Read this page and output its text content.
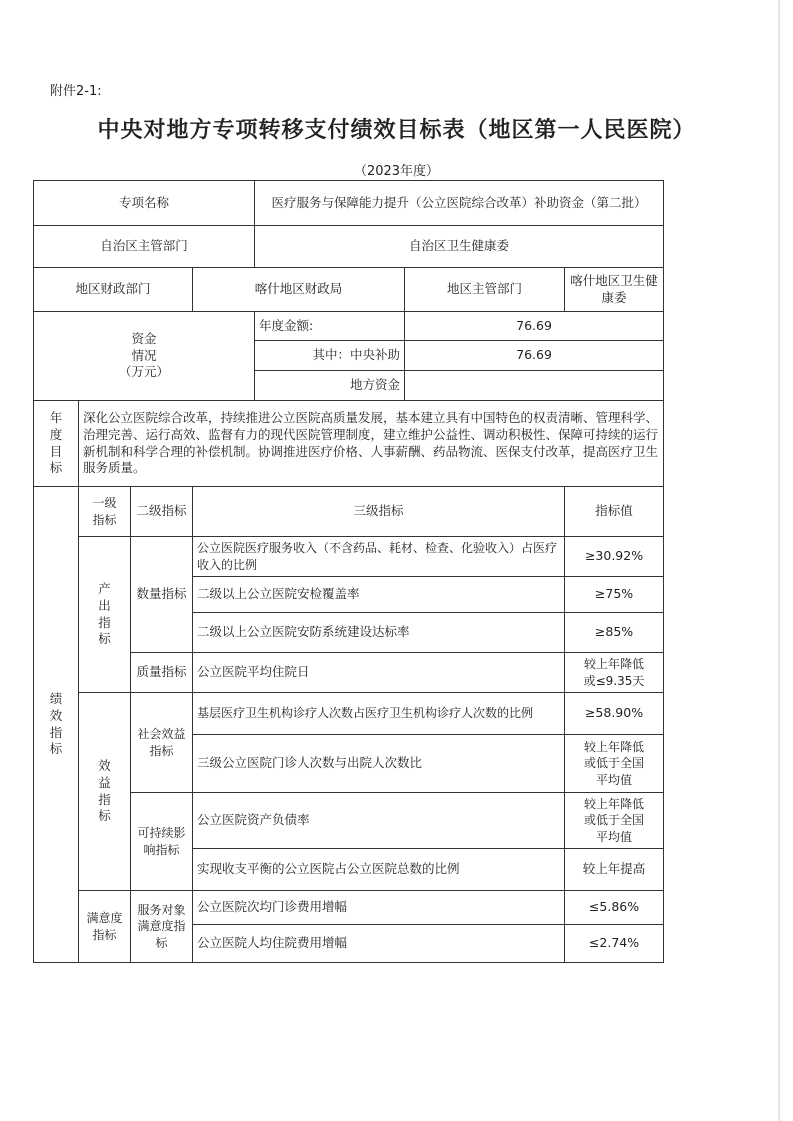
附件2-1:
中央对地方专项转移支付绩效目标表（地区第一人民医院）
（2023年度）
专项名称				医疗服务与保障能力提升（公立医院综合改革）补助资金（第二批）		
自治区主管部门				自治区卫生健康委		
地区财政部门			喀什地区财政局		地区主管部门	喀什地区卫生健康委
资金
情况
（万元）				年度金额:	76.69	
				其中：中央补助	76.69	
				地方资金		
年
度
目
标	深化公立医院综合改革，持续推进公立医院高质量发展，基本建立具有中国特色的权责清晰、管理科学、治理完善、运行高效、监督有力的现代医院管理制度，建立维护公益性、调动积极性、保障可持续的运行新机制和科学合理的补偿机制。协调推进医疗价格、人事薪酬、药品物流、医保支付改革，提高医疗卫生服务质量。					
绩
效
指
标	一级
指标	二级指标	三级指标			指标值
	产
出
指
标	数量指标	公立医院医疗服务收入（不含药品、耗材、检查、化验收入）占医疗收入的比例			≥30.92%
			二级以上公立医院安检覆盖率			≥75%
			二级以上公立医院安防系统建设达标率			≥85%
		质量指标	公立医院平均住院日			较上年降低
或≤9.35天
	效
益
指
标	社会效益
指标	基层医疗卫生机构诊疗人次数占医疗卫生机构诊疗人次数的比例			≥58.90%
			三级公立医院门诊人次数与出院人次数比			较上年降低
或低于全国
平均值
		可持续影
响指标	公立医院资产负债率			较上年降低
或低于全国
平均值
			实现收支平衡的公立医院占公立医院总数的比例			较上年提高
	满意度
指标	服务对象
满意度指
标	公立医院次均门诊费用增幅			≤5.86%
			公立医院人均住院费用增幅			≤2.74%
